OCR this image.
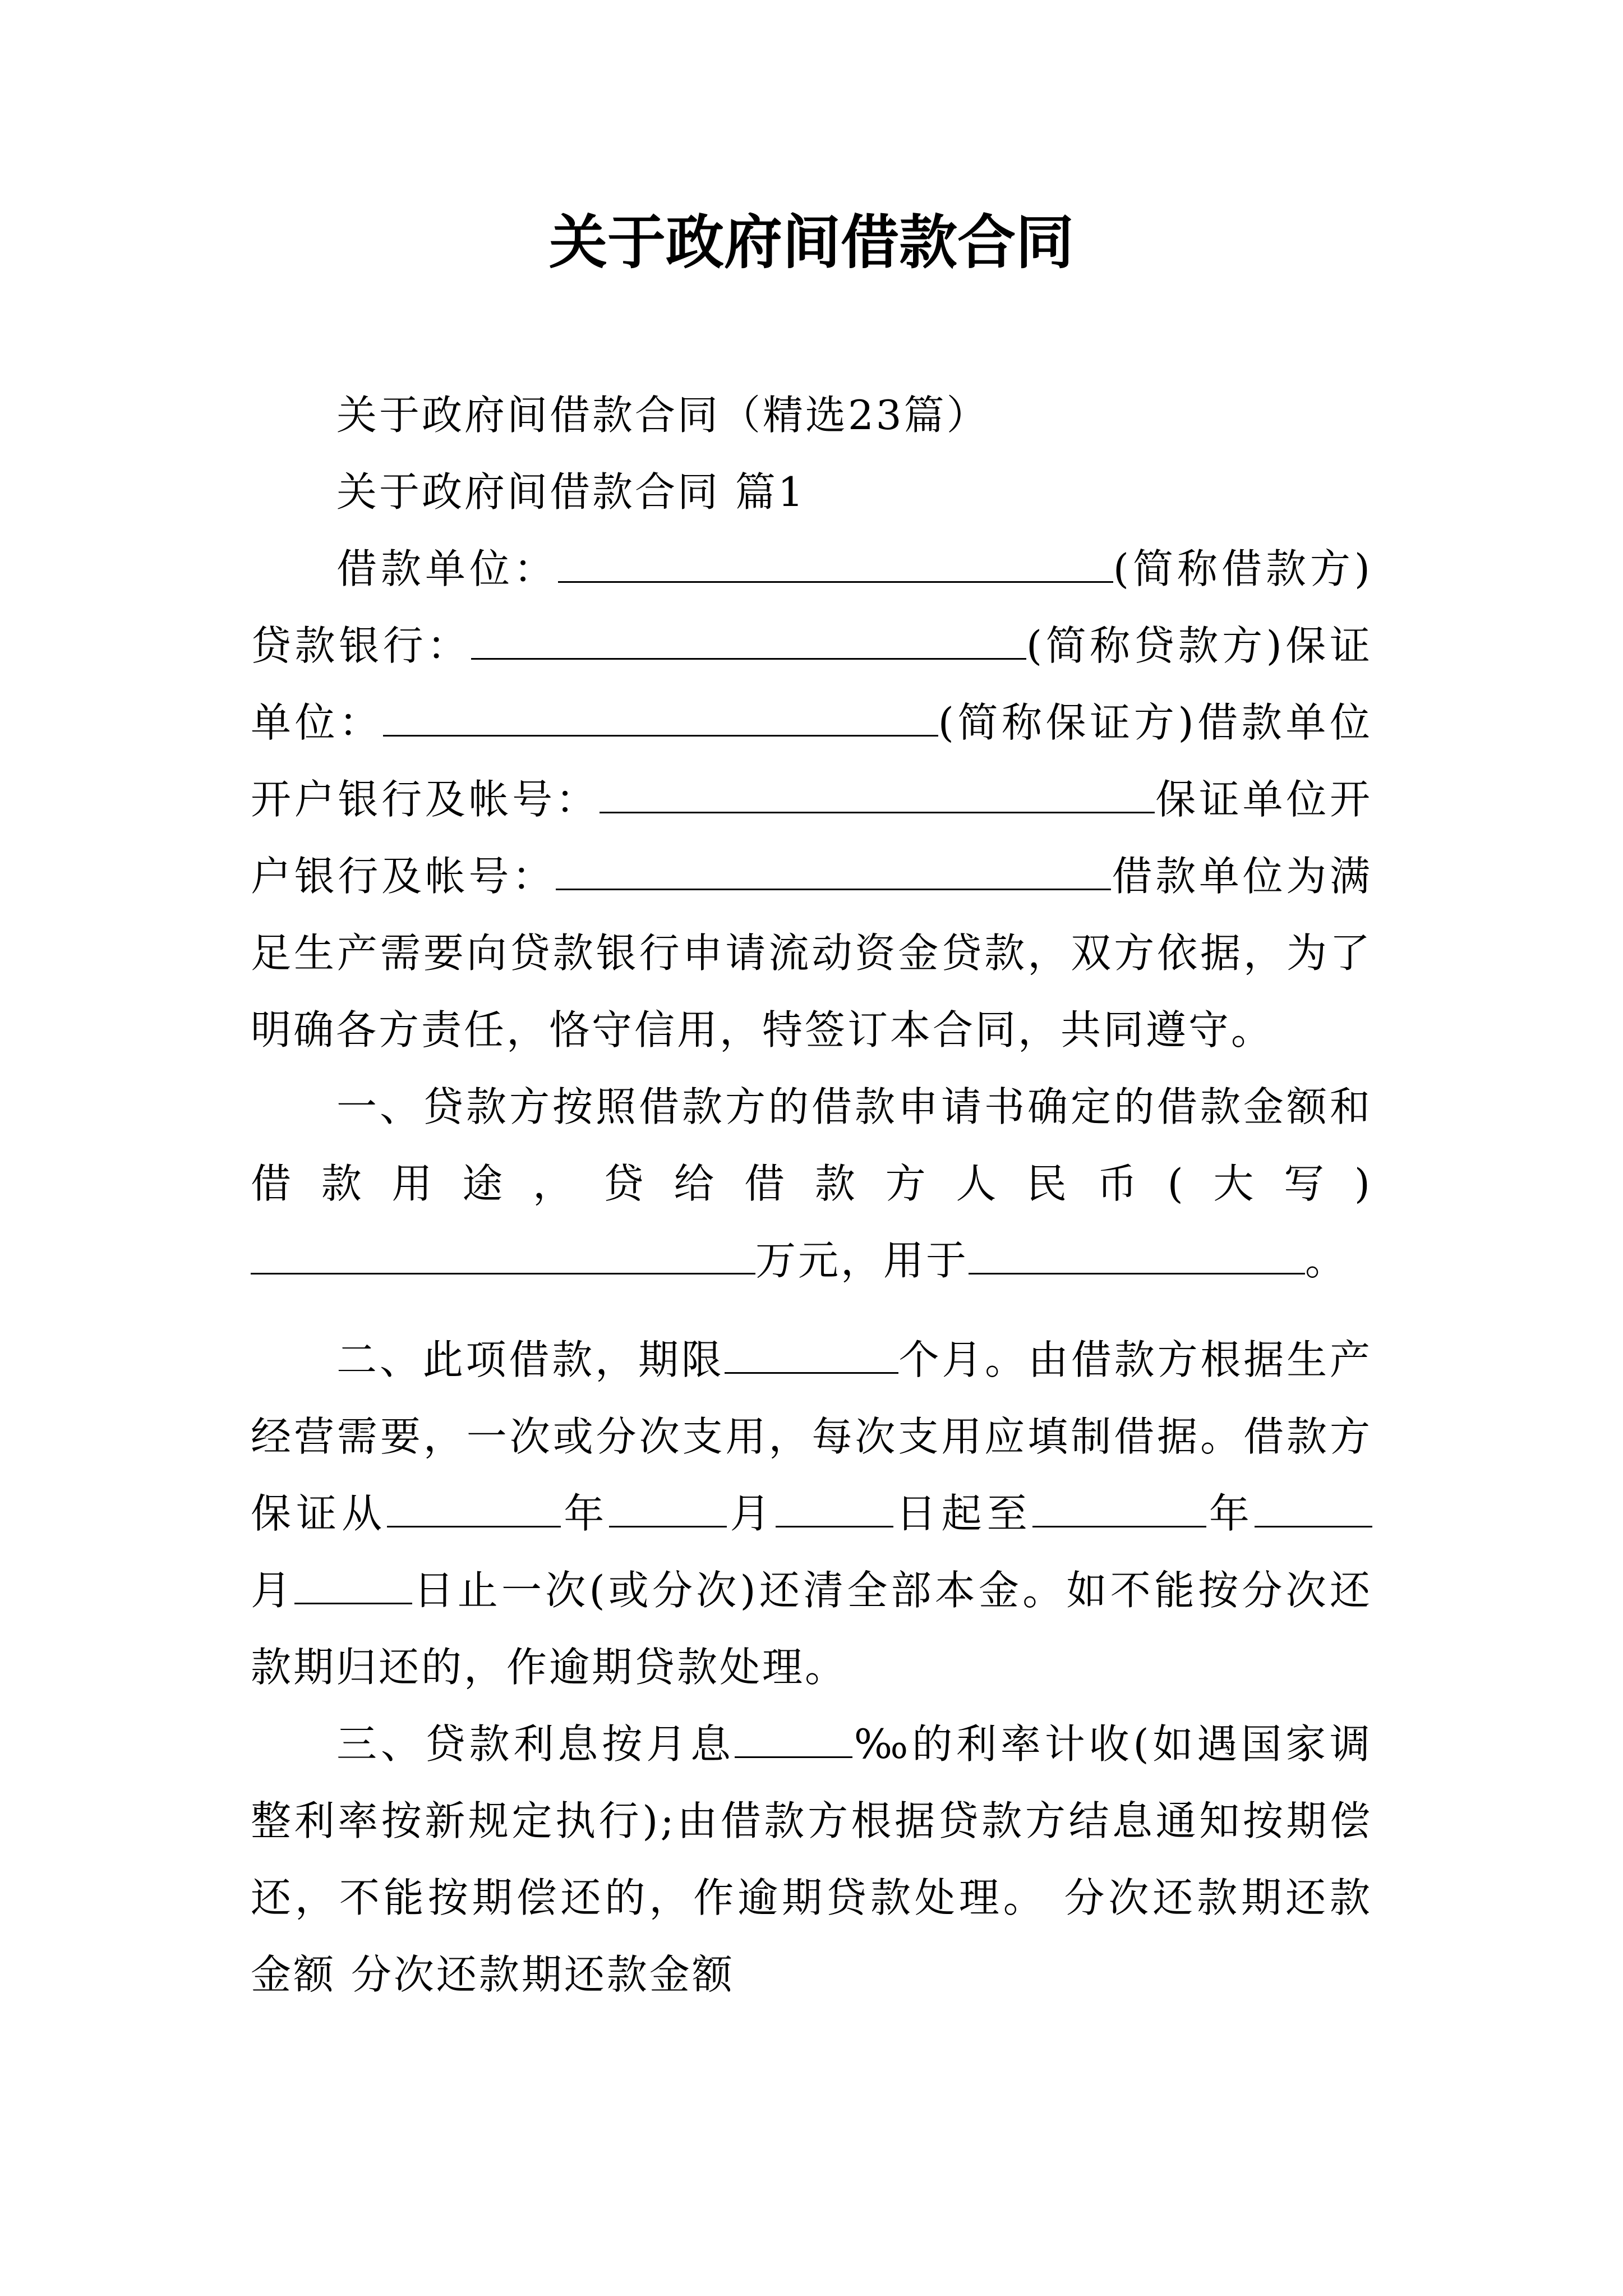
关于政府间借款合同

关于政府间借款合同（精选23篇）

关于政府间借款合同 篇1

借款单位：	(简称借款方)贷款银行：	(简称贷款方)保证单位：	(简称保证方)借款单位开户银行及帐号：	保证单位开户银行及帐号：	借款单位为满足生产需要向贷款银行申请流动资金贷款，双方依据，为了明确各方责任，恪守信用，特签订本合同，共同遵守。

一、贷款方按照借款方的借款申请书确定的借款金额和借款用途，贷给借款方人民币(大写)万元，用于	。

二、此项借款，期限	个月。由借款方根据生产经营需要，一次或分次支用，每次支用应填制借据。借款方保证从	年	月	日起至	年月	日止一次(或分次)还清全部本金。如不能按分次还款期归还的，作逾期贷款处理。

三、贷款利息按月息	‰的利率计收(如遇国家调整利率按新规定执行);由借款方根据贷款方结息通知按期偿还，不能按期偿还的，作逾期贷款处理。 分次还款期还款金额 分次还款期还款金额
